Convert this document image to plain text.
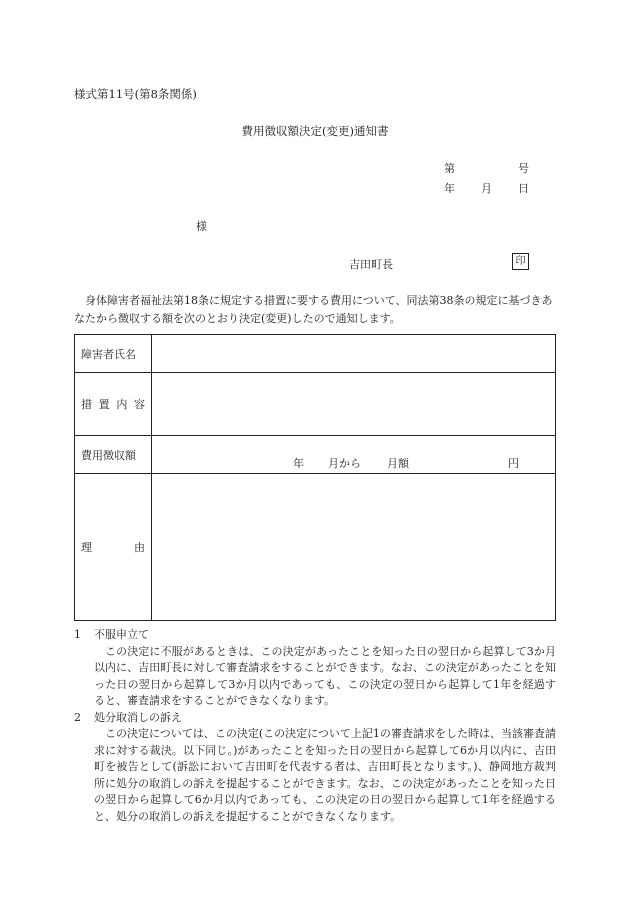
様式第11号(第8条関係)
費用徴収額決定(変更)通知書
第	号
年 月 日
様
吉田町長	印
身体障害者福祉法第18条に規定する措置に要する費用について、同法第38条の規定に基づきあなたから徴収する額を次のとおり決定(変更)したので通知します。
障害者氏名	

措 置 内 容	

費用徴収額	年 月から 月額 円

理 由	

1	不服申立て
この決定に不服があるときは、この決定があったことを知った日の翌日から起算して3か月以内に、吉田町長に対して審査請求をすることができます。なお、この決定があったことを知った日の翌日から起算して3か月以内であっても、この決定の翌日から起算して1年を経過すると、審査請求をすることができなくなります。
2	処分取消しの訴え
この決定については、この決定(この決定について上記1の審査請求をした時は、当該審査請求に対する裁決。以下同じ。)があったことを知った日の翌日から起算して6か月以内に、吉田町を被告として(訴訟において吉田町を代表する者は、吉田町長となります。)、静岡地方裁判所に処分の取消しの訴えを提起することができます。なお、この決定があったことを知った日の翌日から起算して6か月以内であっても、この決定の日の翌日から起算して1年を経過すると、処分の取消しの訴えを提起することができなくなります。
